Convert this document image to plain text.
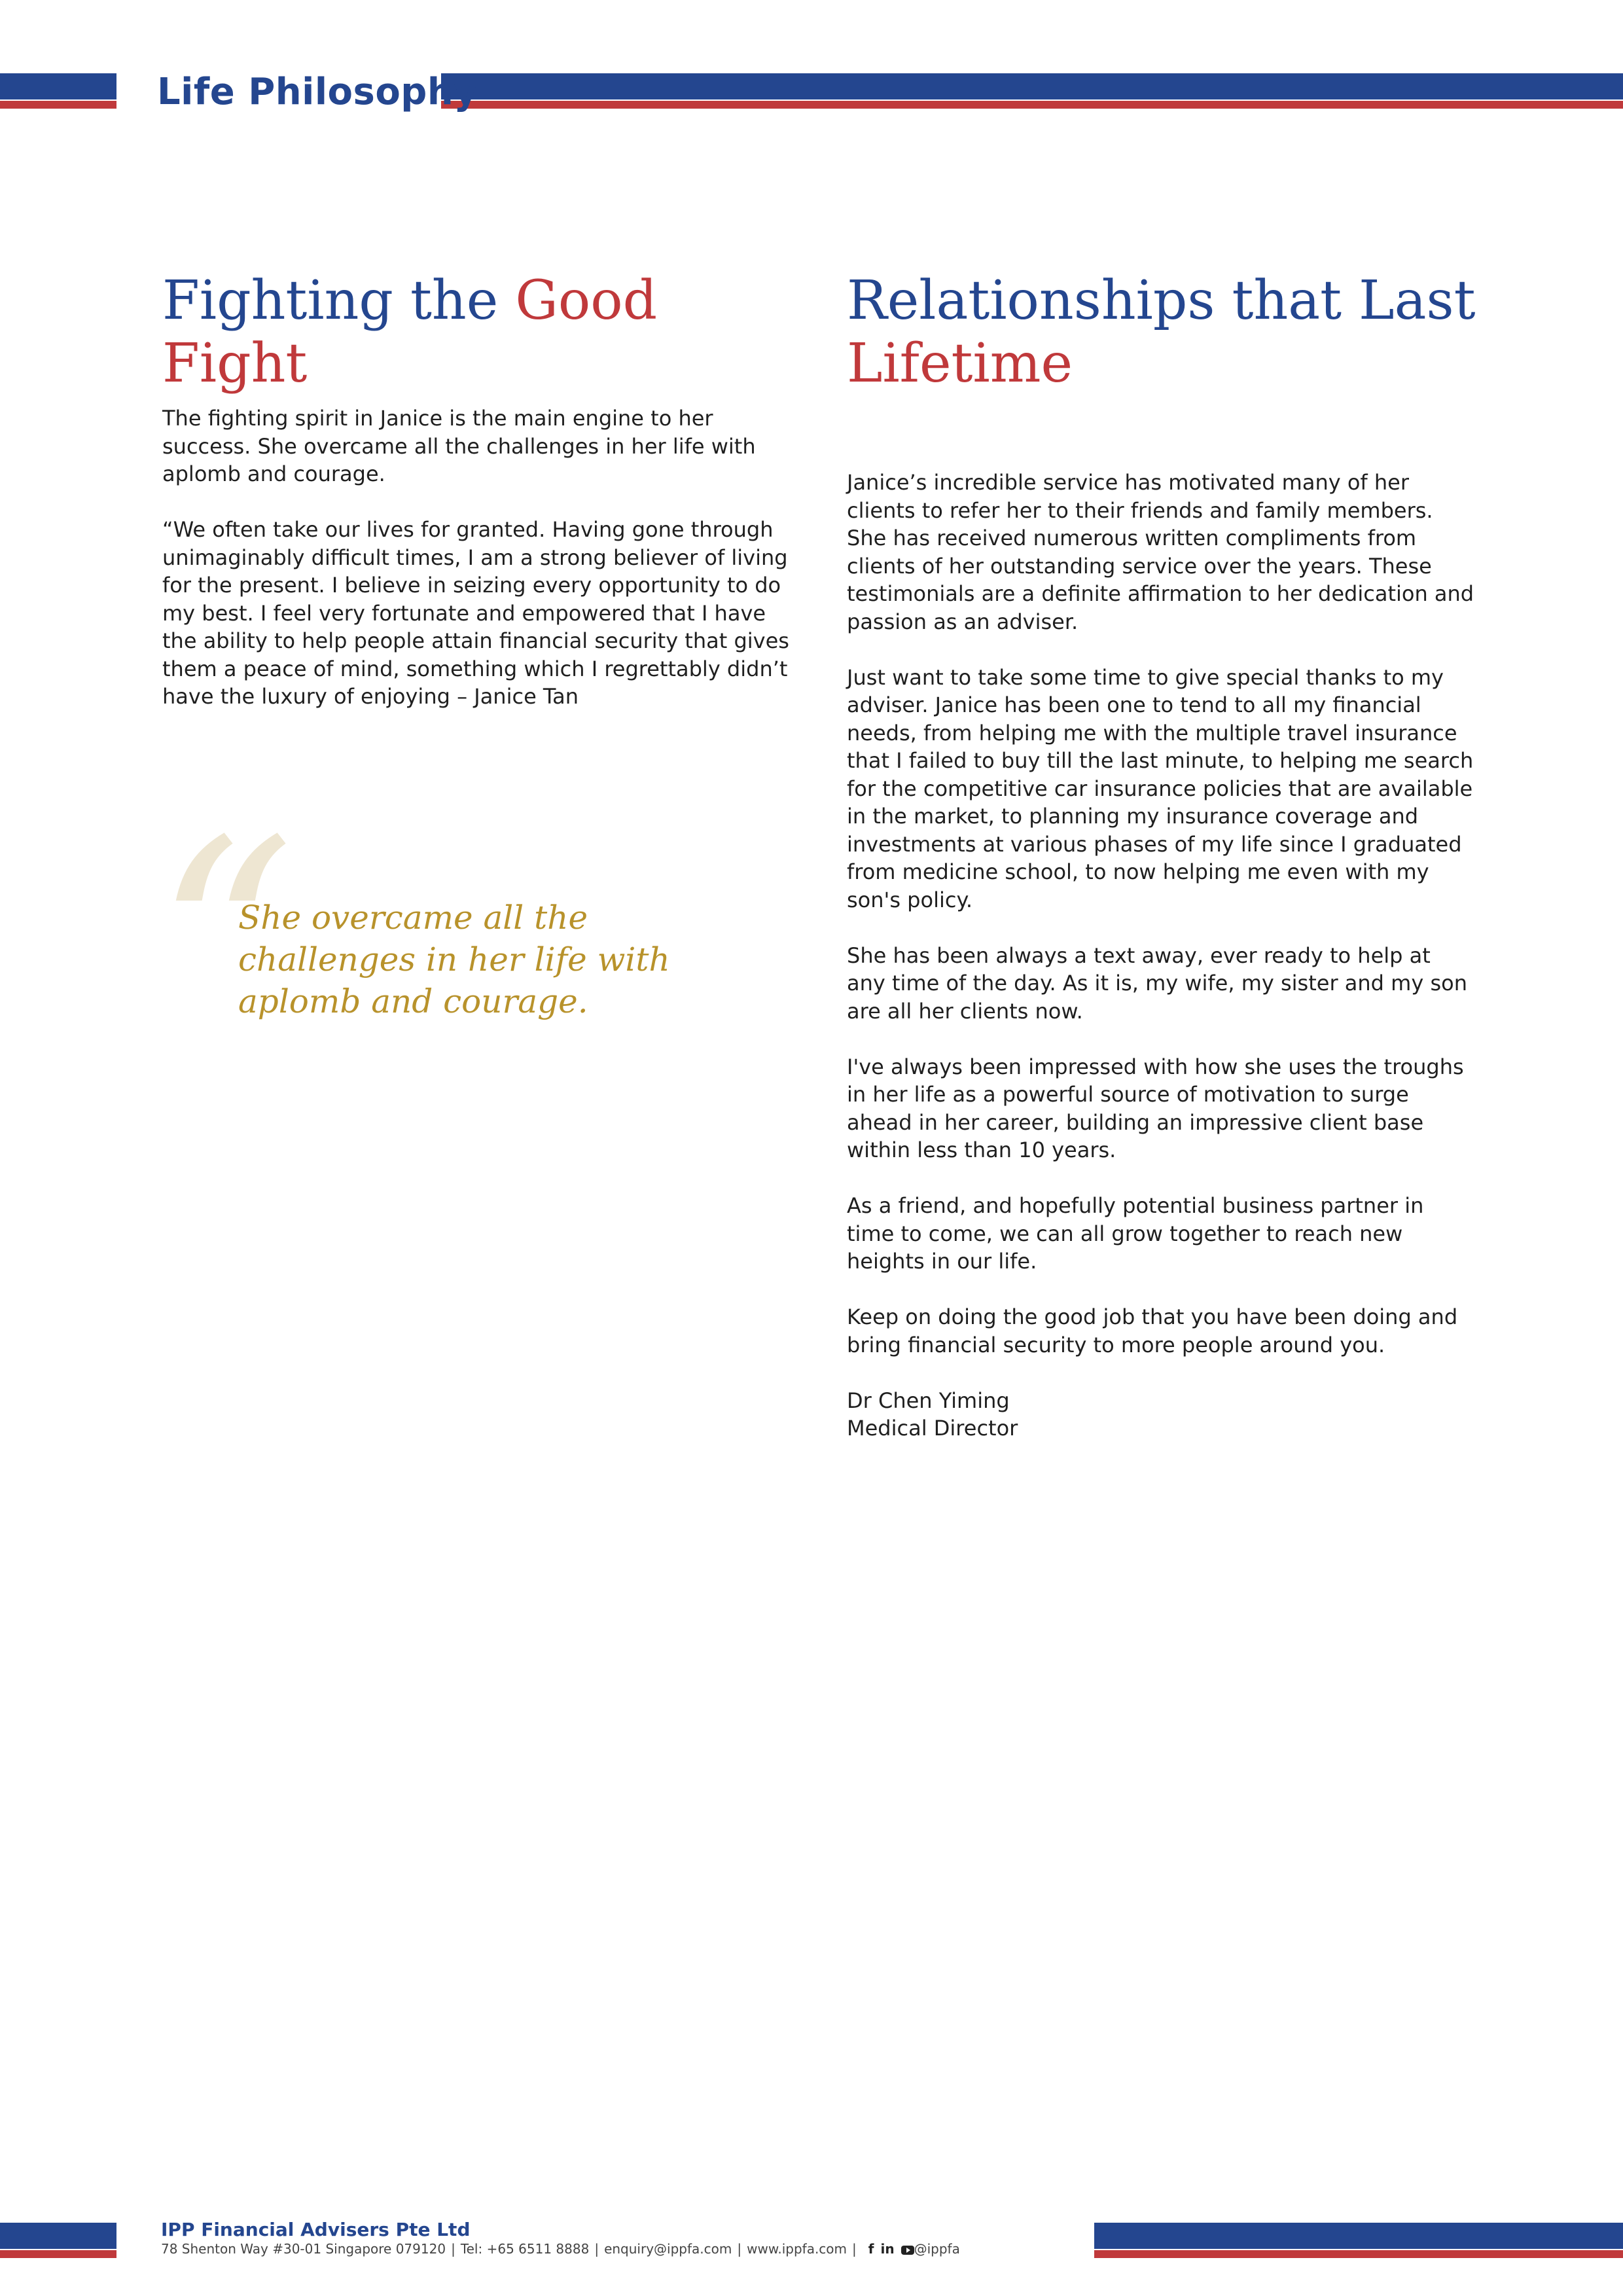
Life Philosophy
Fighting the Good Fight

The fighting spirit in Janice is the main engine to her success. She overcame all the challenges in her life with aplomb and courage.

“We often take our lives for granted. Having gone through unimaginably difficult times, I am a strong believer of living for the present. I believe in seizing every opportunity to do my best. I feel very fortunate and empowered that I have the ability to help people attain financial security that gives them a peace of mind, something which I regrettably didn’t have the luxury of enjoying – Janice Tan

“
She overcame all the challenges in her life with aplomb and courage.
Relationships that Last
Lifetime

Janice’s incredible service has motivated many of her clients to refer her to their friends and family members. She has received numerous written compliments from clients of her outstanding service over the years. These testimonials are a definite affirmation to her dedication and passion as an adviser.

Just want to take some time to give special thanks to my adviser. Janice has been one to tend to all my financial needs, from helping me with the multiple travel insurance that I failed to buy till the last minute, to helping me search for the competitive car insurance policies that are available in the market, to planning my insurance coverage and investments at various phases of my life since I graduated from medicine school, to now helping me even with my son's policy.

She has been always a text away, ever ready to help at any time of the day. As it is, my wife, my sister and my son are all her clients now.

I've always been impressed with how she uses the troughs in her life as a powerful source of motivation to surge ahead in her career, building an impressive client base within less than 10 years.

As a friend, and hopefully potential business partner in time to come, we can all grow together to reach new heights in our life.

Keep on doing the good job that you have been doing and bring financial security to more people around you.

Dr Chen Yiming
Medical Director
IPP Financial Advisers Pte Ltd
78 Shenton Way #30-01 Singapore 079120 | Tel: +65 6511 8888 | enquiry@ippfa.com | www.ippfa.com | f in @ippfa
